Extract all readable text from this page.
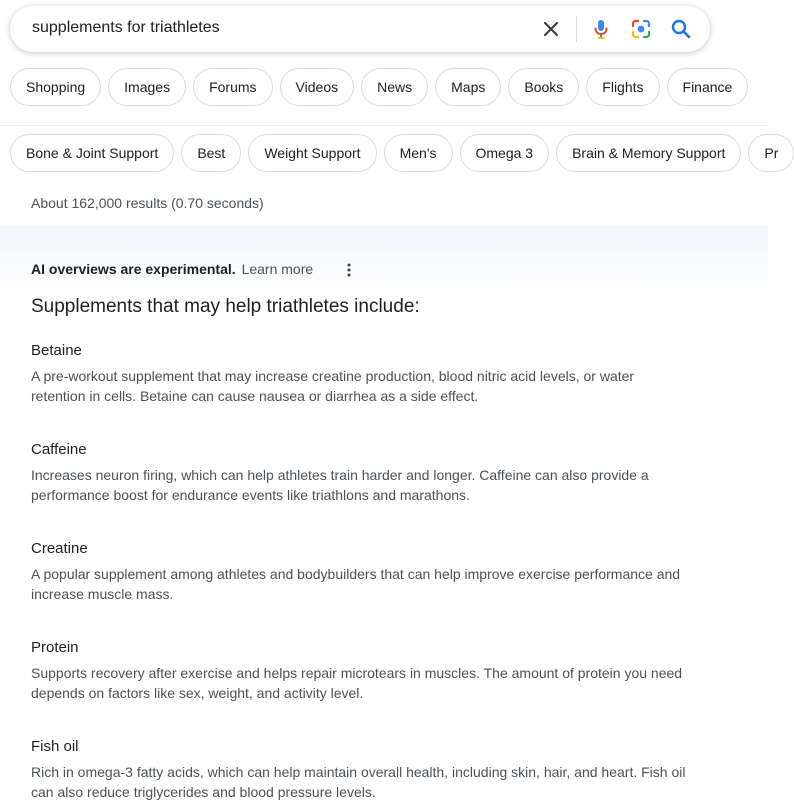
supplements for triathletes
Shopping	Images	Forums	Videos	News	Maps	Books	Flights	Finance
Bone & Joint Support	Best	Weight Support	Men's	Omega 3	Brain & Memory Support	Pr
About 162,000 results (0.70 seconds)
AI overviews are experimental. Learn more
Supplements that may help triathletes include:
Betaine
A pre-workout supplement that may increase creatine production, blood nitric acid levels, or water retention in cells. Betaine can cause nausea or diarrhea as a side effect.
Caffeine
Increases neuron firing, which can help athletes train harder and longer. Caffeine can also provide a performance boost for endurance events like triathlons and marathons.
Creatine
A popular supplement among athletes and bodybuilders that can help improve exercise performance and increase muscle mass.
Protein
Supports recovery after exercise and helps repair microtears in muscles. The amount of protein you need depends on factors like sex, weight, and activity level.
Fish oil
Rich in omega-3 fatty acids, which can help maintain overall health, including skin, hair, and heart. Fish oil can also reduce triglycerides and blood pressure levels.
